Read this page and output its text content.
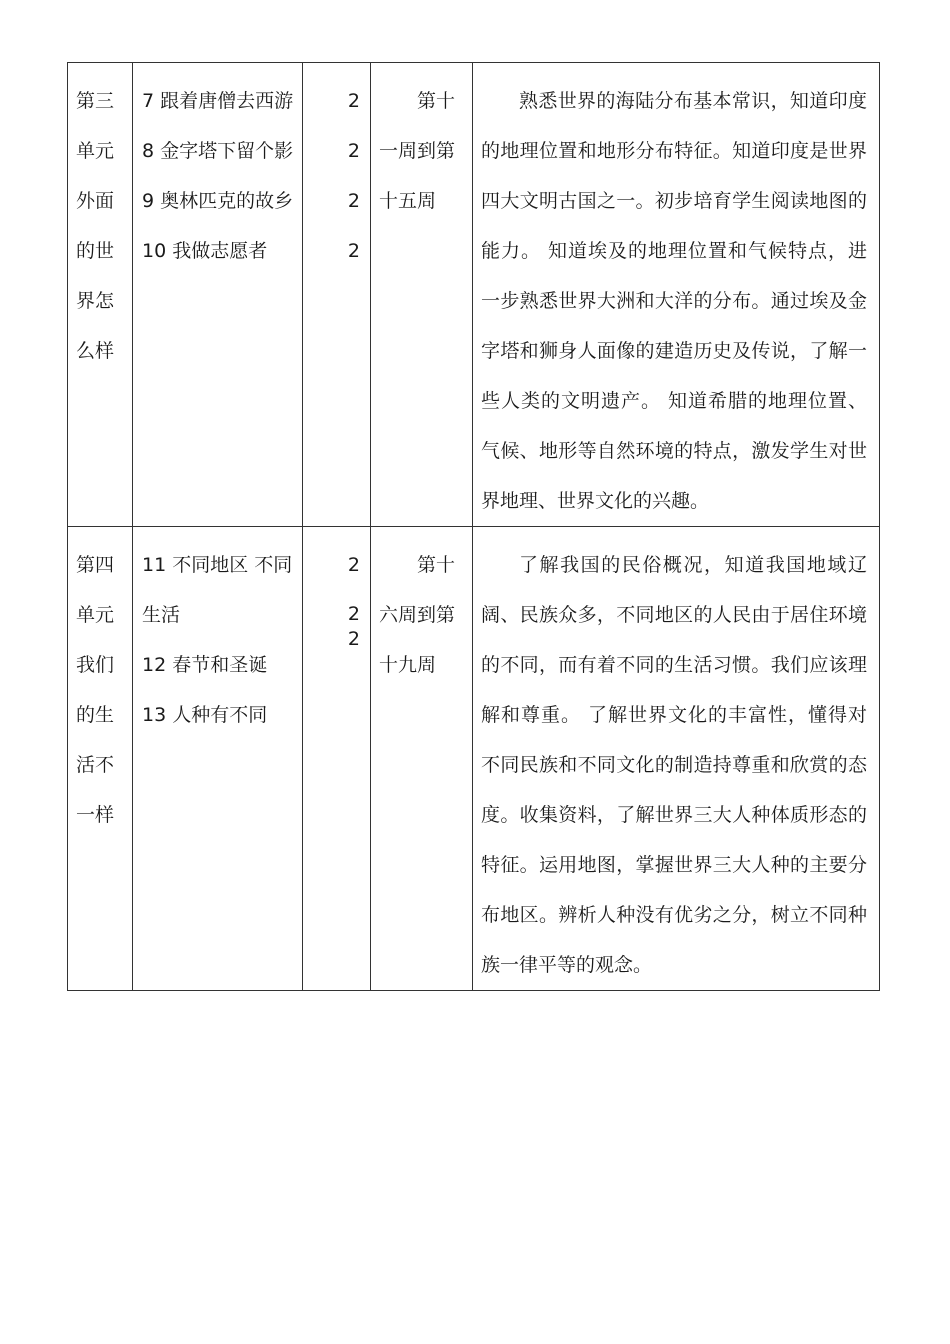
第三单元外面的世界怎么样	7 跟着唐僧去西游
8 金字塔下留个影
9 奥林匹克的故乡
10 我做志愿者	2
2
2
2	第十一周到第十五周	熟悉世界的海陆分布基本常识，知道印度的地理位置和地形分布特征。知道印度是世界四大文明古国之一。初步培育学生阅读地图的能力。 知道埃及的地理位置和气候特点，进一步熟悉世界大洲和大洋的分布。通过埃及金字塔和狮身人面像的建造历史及传说，了解一些人类的文明遗产。 知道希腊的地理位置、气候、地形等自然环境的特点，激发学生对世界地理、世界文化的兴趣。

第四单元我们的生活不一样	11 不同地区 不同生活
12 春节和圣诞
13 人种有不同	2
2
2	第十六周到第十九周	了解我国的民俗概况，知道我国地域辽阔、民族众多，不同地区的人民由于居住环境的不同，而有着不同的生活习惯。我们应该理解和尊重。 了解世界文化的丰富性，懂得对不同民族和不同文化的制造持尊重和欣赏的态度。收集资料，了解世界三大人种体质形态的特征。运用地图，掌握世界三大人种的主要分布地区。辨析人种没有优劣之分，树立不同种族一律平等的观念。
